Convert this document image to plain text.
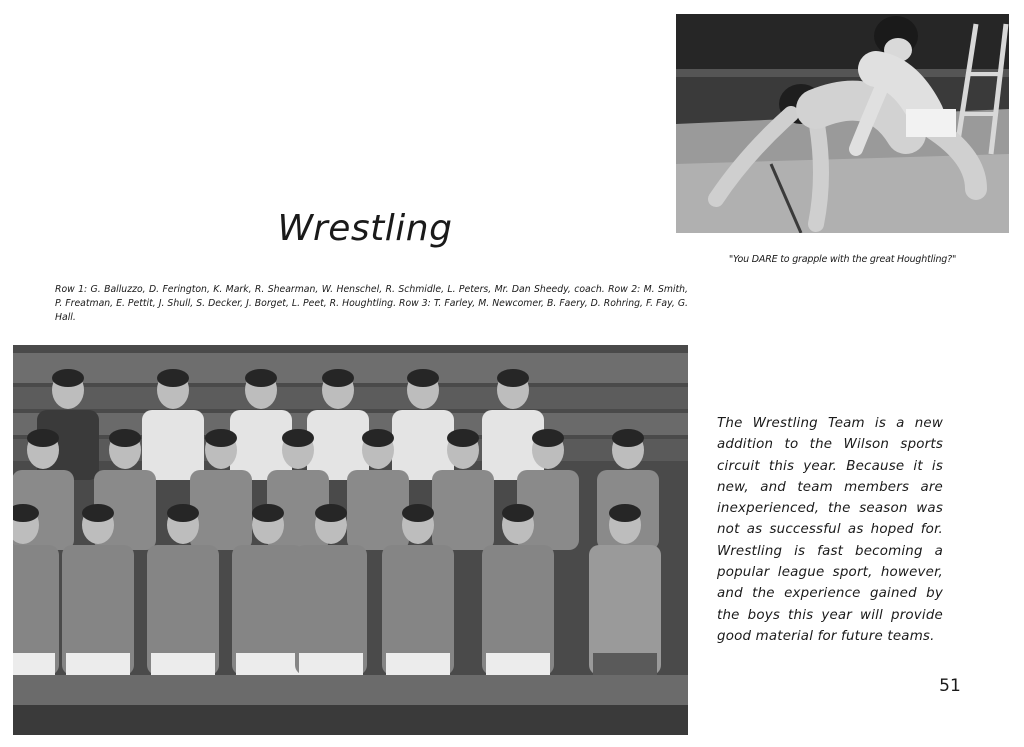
"You DARE to grapple with the great Houghtling?"
Wrestling
Row 1: G. Balluzzo, D. Ferington, K. Mark, R. Shearman, W. Henschel, R. Schmidle, L. Peters, Mr. Dan Sheedy, coach. Row 2: M. Smith, P. Freatman, E. Pettit, J. Shull, S. Decker, J. Borget, L. Peet, R. Houghtling. Row 3: T. Farley, M. Newcomer, B. Faery, D. Rohring, F. Fay, G. Hall.
The Wrestling Team is a new addition to the Wilson sports circuit this year. Because it is new, and team members are inexperienced, the season was not as successful as hoped for. Wrestling is fast becoming a popular league sport, however, and the experience gained by the boys this year will provide good material for future teams.
51
